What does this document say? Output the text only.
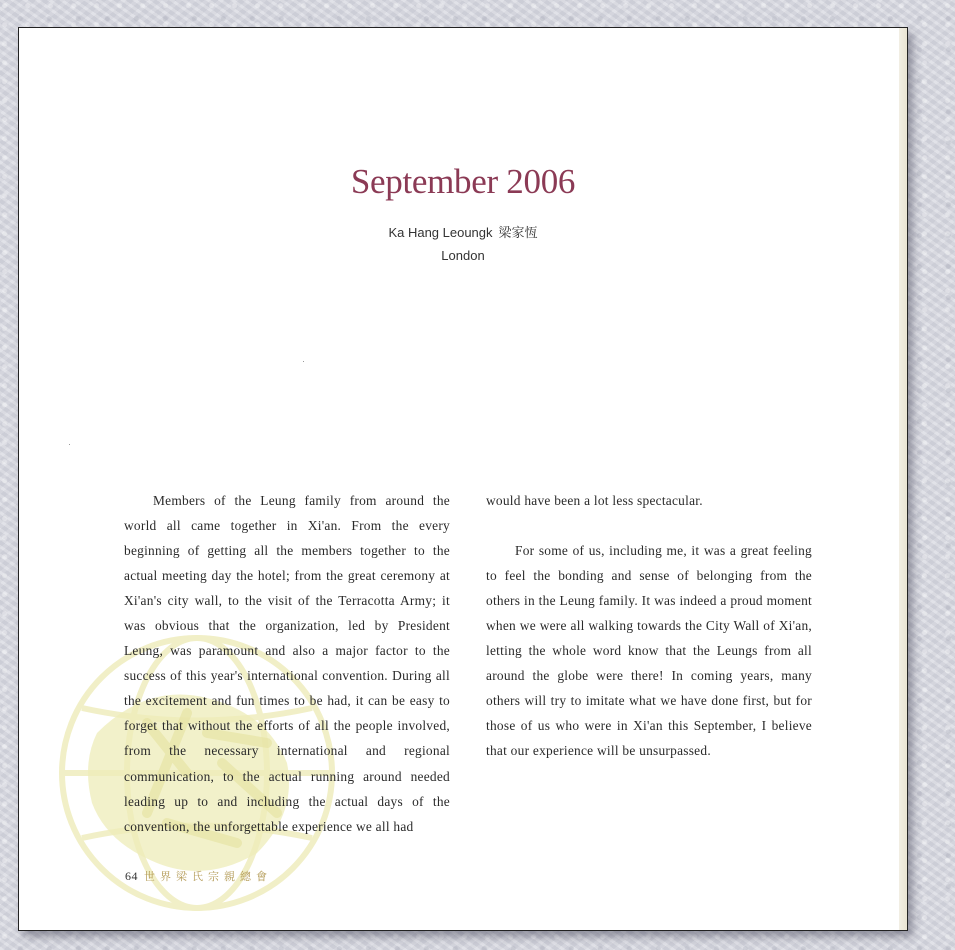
September 2006
Ka Hang Leoungk 梁家恆
London

Members of the Leung family from around the world all came together in Xi'an. From the every beginning of getting all the members together to the actual meeting day the hotel; from the great ceremony at Xi'an's city wall, to the visit of the Terracotta Army; it was obvious that the organization, led by President Leung, was paramount and also a major factor to the success of this year's international convention. During all the excitement and fun times to be had, it can be easy to forget that without the efforts of all the people involved, from the necessary international and regional communication, to the actual running around needed leading up to and including the actual days of the convention, the unforgettable experience we all had

would have been a lot less spectacular.

For some of us, including me, it was a great feeling to feel the bonding and sense of belonging from the others in the Leung family. It was indeed a proud moment when we were all walking towards the City Wall of Xi'an, letting the whole word know that the Leungs from all around the globe were there! In coming years, many others will try to imitate what we have done first, but for those of us who were in Xi'an this September, I believe that our experience will be unsurpassed.

64 世界梁氏宗親總會
